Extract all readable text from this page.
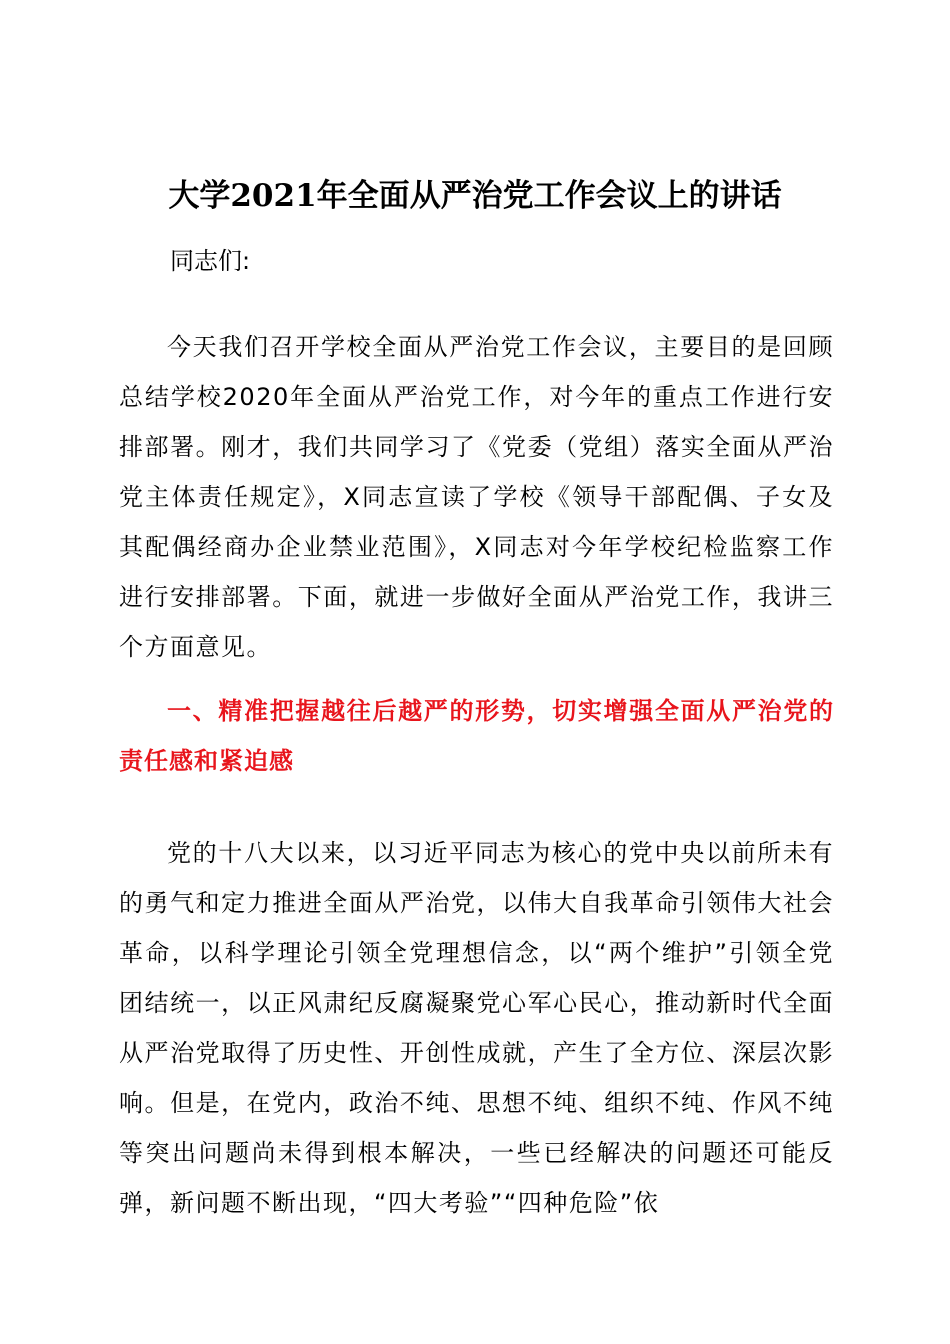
大学2021年全面从严治党工作会议上的讲话

同志们:

今天我们召开学校全面从严治党工作会议，主要目的是回顾总结学校2020年全面从严治党工作，对今年的重点工作进行安排部署。刚才，我们共同学习了《党委（党组）落实全面从严治党主体责任规定》，X同志宣读了学校《领导干部配偶、子女及其配偶经商办企业禁业范围》，X同志对今年学校纪检监察工作进行安排部署。下面，就进一步做好全面从严治党工作，我讲三个方面意见。

一、精准把握越往后越严的形势，切实增强全面从严治党的责任感和紧迫感

党的十八大以来，以习近平同志为核心的党中央以前所未有的勇气和定力推进全面从严治党，以伟大自我革命引领伟大社会革命，以科学理论引领全党理想信念，以“两个维护”引领全党团结统一，以正风肃纪反腐凝聚党心军心民心，推动新时代全面从严治党取得了历史性、开创性成就，产生了全方位、深层次影响。但是，在党内，政治不纯、思想不纯、组织不纯、作风不纯等突出问题尚未得到根本解决，一些已经解决的问题还可能反弹，新问题不断出现，“四大考验”“四种危险”依
